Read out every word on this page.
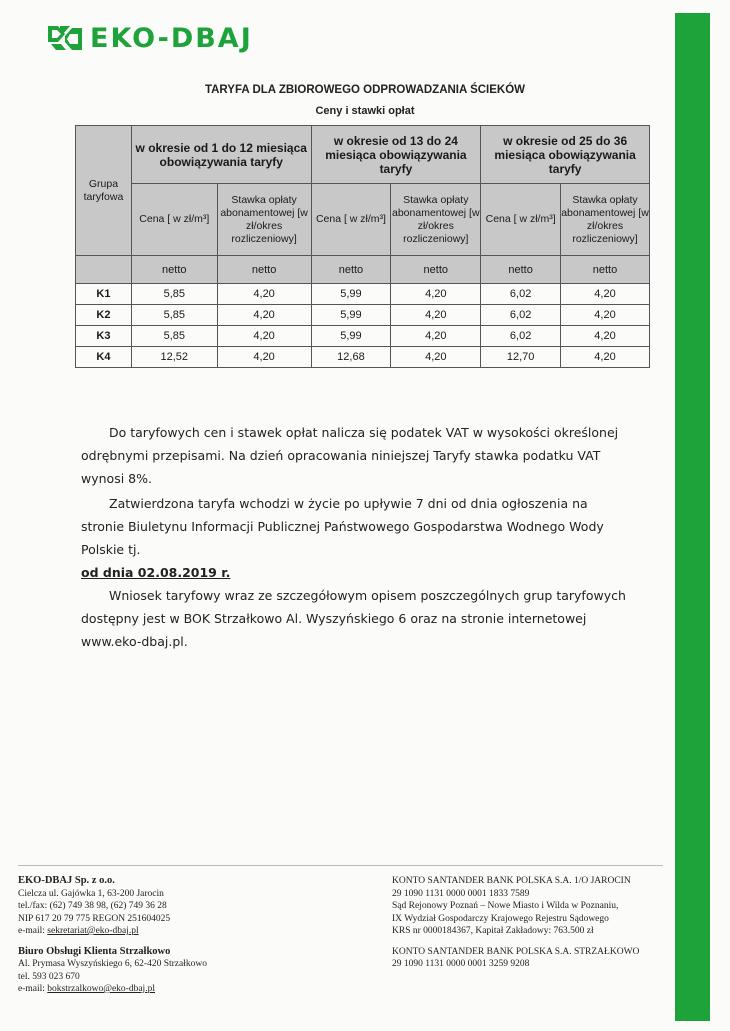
EKO-DBAJ
TARYFA DLA ZBIOROWEGO ODPROWADZANIA ŚCIEKÓW
Ceny i stawki opłat
Grupa taryfowa	w okresie od 1 do 12 miesiąca obowiązywania taryfy		w okresie od 13 do 24 miesiąca obowiązywania taryfy		w okresie od 25 do 36 miesiąca obowiązywania taryfy	
	Cena [ w zł/m³]	Stawka opłaty abonamentowej [w zł/okres rozliczeniowy]	Cena [ w zł/m³]	Stawka opłaty abonamentowej [w zł/okres rozliczeniowy]	Cena [ w zł/m³]	Stawka opłaty abonamentowej [w zł/okres rozliczeniowy]
	netto	netto	netto	netto	netto	netto
K1	5,85	4,20	5,99	4,20	6,02	4,20
K2	5,85	4,20	5,99	4,20	6,02	4,20
K3	5,85	4,20	5,99	4,20	6,02	4,20
K4	12,52	4,20	12,68	4,20	12,70	4,20

Do taryfowych cen i stawek opłat nalicza się podatek VAT w wysokości określonej odrębnymi przepisami. Na dzień opracowania niniejszej Taryfy stawka podatku VAT wynosi 8%.

Zatwierdzona taryfa wchodzi w życie po upływie 7 dni od dnia ogłoszenia na stronie Biuletynu Informacji Publicznej Państwowego Gospodarstwa Wodnego Wody Polskie tj.

od dnia 02.08.2019 r.

Wniosek taryfowy wraz ze szczegółowym opisem poszczególnych grup taryfowych dostępny jest w BOK Strzałkowo Al. Wyszyńskiego 6 oraz na stronie internetowej www.eko-dbaj.pl.

EKO-DBAJ Sp. z o.o.
Cielcza ul. Gajówka 1, 63-200 Jarocin
tel./fax: (62) 749 38 98, (62) 749 36 28
NIP 617 20 79 775 REGON 251604025
e-mail: sekretariat@eko-dbaj.pl
Biuro Obsługi Klienta Strzałkowo
Al. Prymasa Wyszyńskiego 6, 62-420 Strzałkowo
tel. 593 023 670
e-mail: bokstrzalkowo@eko-dbaj.pl
KONTO SANTANDER BANK POLSKA S.A. 1/O JAROCIN
29 1090 1131 0000 0001 1833 7589
Sąd Rejonowy Poznań – Nowe Miasto i Wilda w Poznaniu,
IX Wydział Gospodarczy Krajowego Rejestru Sądowego
KRS nr 0000184367, Kapitał Zakładowy: 763.500 zł
KONTO SANTANDER BANK POLSKA S.A. STRZAŁKOWO
29 1090 1131 0000 0001 3259 9208
